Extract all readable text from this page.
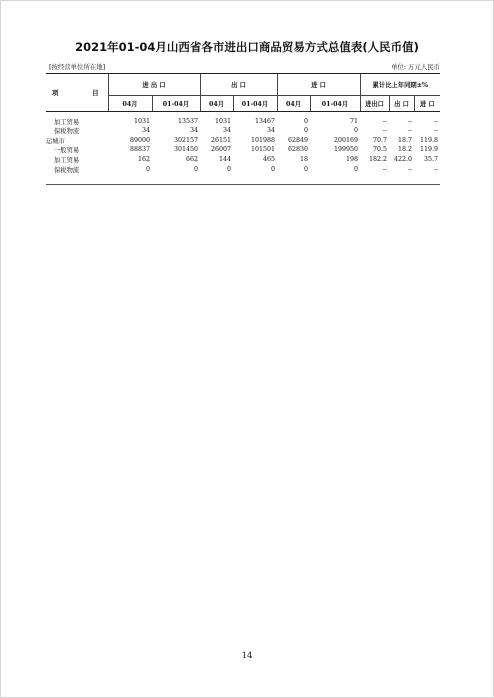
2021年01-04月山西省各市进出口商品贸易方式总值表(人民币值)
[按经营单位所在地]	单位: 万元人民币
项 目	进 出 口		出 口		进 口		累计比上年同期±%		
	04月	01-04月	04月	01-04月	04月	01-04月	进出口	出 口	进 口
加工贸易	1031	13537	1031	13467	0	71	--	--	--
保税物流	34	34	34	34	0	0	--	--	--
运城市	89000	302157	26151	101988	62849	200169	70.7	18.7	119.8
一般贸易	88837	301450	26007	101501	62830	199950	70.5	18.2	119.9
加工贸易	162	662	144	465	18	198	182.2	422.0	35.7
保税物流	0	0	0	0	0	0	--	--	--
14
